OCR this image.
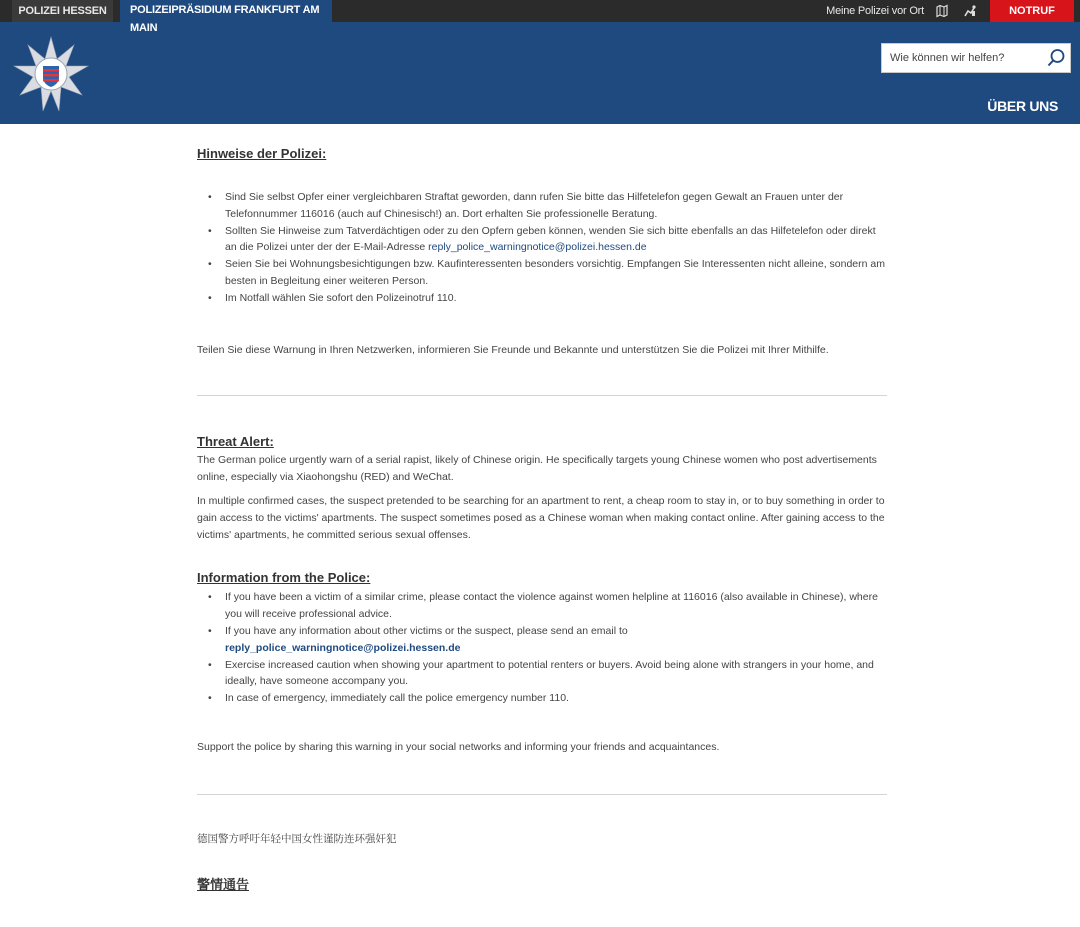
POLIZEI HESSEN	Meine Polizei vor Ort	NOTRUF
Wie können wir helfen?
ÜBER UNS
POLIZEIPRÄSIDIUM FRANKFURT AM MAIN
Hinweise der Polizei:
• Sind Sie selbst Opfer einer vergleichbaren Straftat geworden, dann rufen Sie bitte das Hilfetelefon gegen Gewalt an Frauen unter der Telefonnummer 116016 (auch auf Chinesisch!) an. Dort erhalten Sie professionelle Beratung.
• Sollten Sie Hinweise zum Tatverdächtigen oder zu den Opfern geben können, wenden Sie sich bitte ebenfalls an das Hilfetelefon oder direkt an die Polizei unter der der E-Mail-Adresse reply_police_warningnotice@polizei.hessen.de
• Seien Sie bei Wohnungsbesichtigungen bzw. Kaufinteressenten besonders vorsichtig. Empfangen Sie Interessenten nicht alleine, sondern am besten in Begleitung einer weiteren Person.
• Im Notfall wählen Sie sofort den Polizeinotruf 110.

Teilen Sie diese Warnung in Ihren Netzwerken, informieren Sie Freunde und Bekannte und unterstützen Sie die Polizei mit Ihrer Mithilfe.

Threat Alert:

The German police urgently warn of a serial rapist, likely of Chinese origin. He specifically targets young Chinese women who post advertisements online, especially via Xiaohongshu (RED) and WeChat.

In multiple confirmed cases, the suspect pretended to be searching for an apartment to rent, a cheap room to stay in, or to buy something in order to gain access to the victims' apartments. The suspect sometimes posed as a Chinese woman when making contact online. After gaining access to the victims' apartments, he committed serious sexual offenses.

Information from the Police:
• If you have been a victim of a similar crime, please contact the violence against women helpline at 116016 (also available in Chinese), where you will receive professional advice.
• If you have any information about other victims or the suspect, please send an email to
reply_police_warningnotice@polizei.hessen.de
• Exercise increased caution when showing your apartment to potential renters or buyers. Avoid being alone with strangers in your home, and ideally, have someone accompany you.
• In case of emergency, immediately call the police emergency number 110.

Support the police by sharing this warning in your social networks and informing your friends and acquaintances.

德国警方呼吁年轻中国女性谨防连环强奸犯

警情通告
